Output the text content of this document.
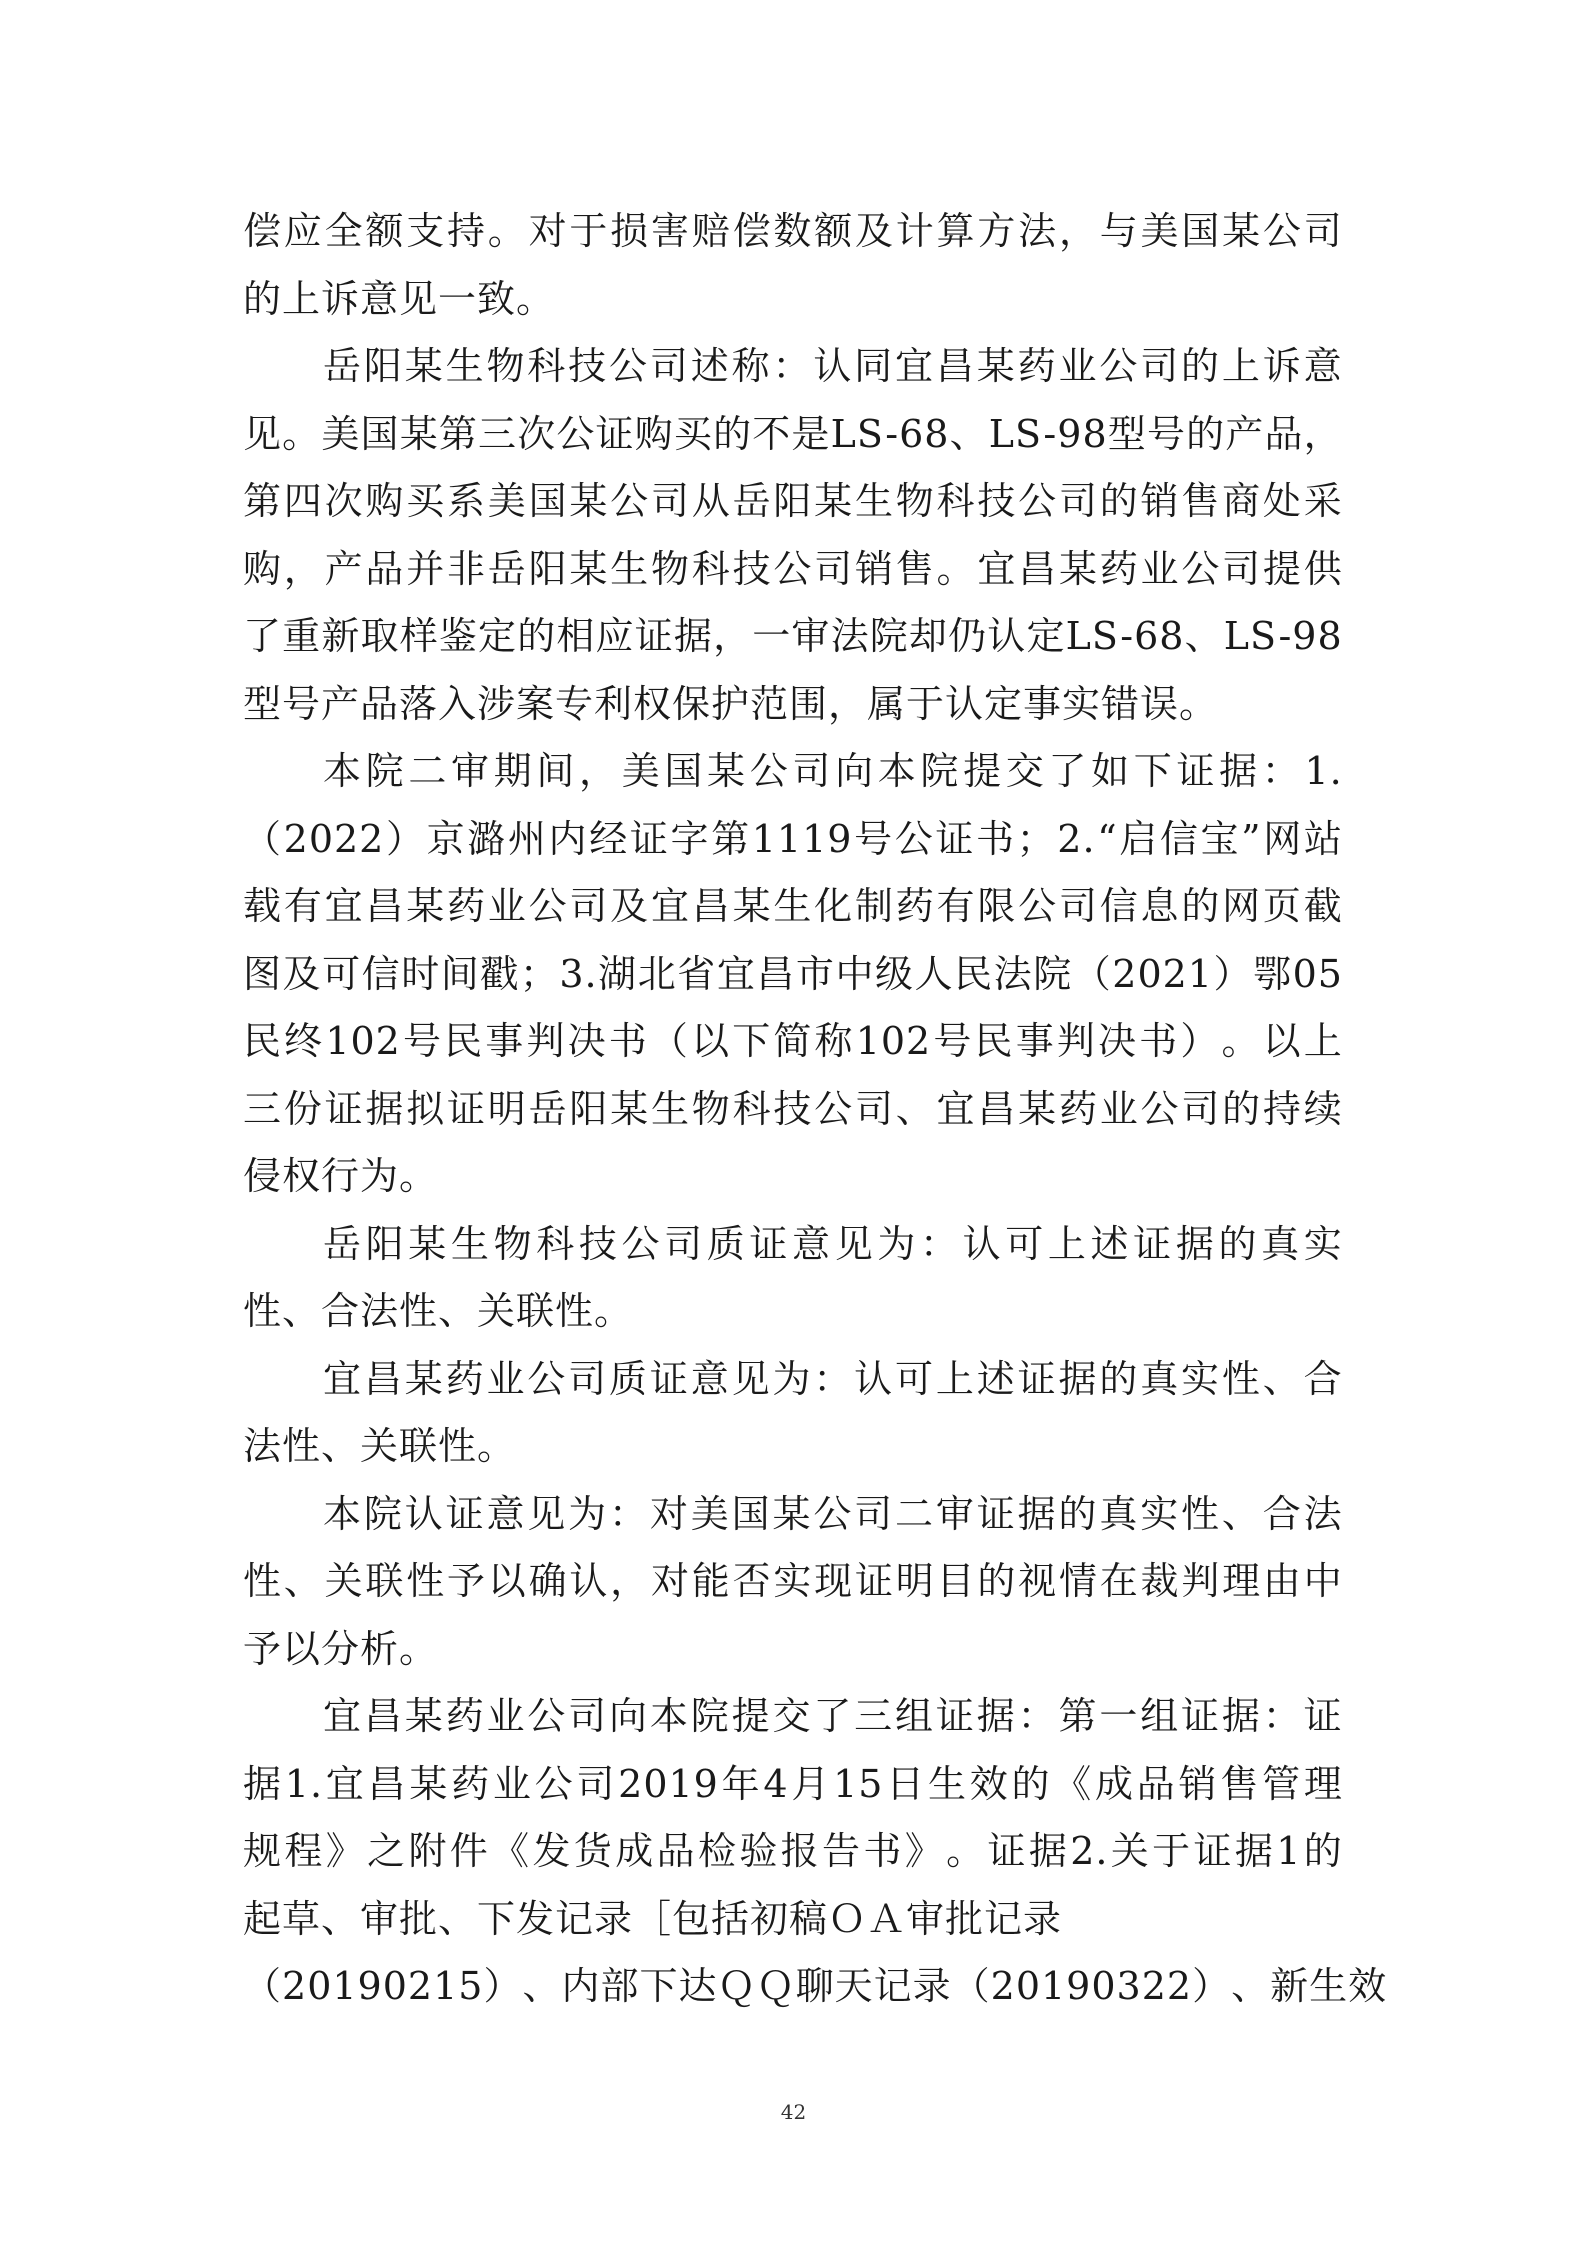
偿 应 全 额 支 持 。 对 于 损 害 赔 偿 数 额 及 计 算 方 法 ， 与 美 国 某 公 司
的上诉意见一致。
岳 阳 某 生 物 科 技 公 司 述 称 ： 认 同 宜 昌 某 药 业 公 司 的 上 诉 意
见 。 美 国 某 第 三 次 公 证 购 买 的 不 是 LS-68 、 LS-98 型 号 的 产 品 ，
第 四 次 购 买 系 美 国 某 公 司 从 岳 阳 某 生 物 科 技 公 司 的 销 售 商 处 采
购 ， 产 品 并 非 岳 阳 某 生 物 科 技 公 司 销 售 。 宜 昌 某 药 业 公 司 提 供
了 重 新 取 样 鉴 定 的 相 应 证 据 ， 一 审 法 院 却 仍 认 定 LS-68 、 LS-98
型号产品落入涉案专利权保护范围，属于认定事实错误。
本 院 二 审 期 间 ， 美 国 某 公 司 向 本 院 提 交 了 如 下 证 据 ： 1.
（ 2022 ） 京 潞 州 内 经 证 字 第 1119 号 公 证 书 ； 2. “ 启 信 宝 ” 网 站
载 有 宜 昌 某 药 业 公 司 及 宜 昌 某 生 化 制 药 有 限 公 司 信 息 的 网 页 截
图 及 可 信 时 间 戳 ； 3. 湖 北 省 宜 昌 市 中 级 人 民 法 院 （ 2021 ） 鄂 05
民 终 102 号 民 事 判 决 书 （ 以 下 简 称 102 号 民 事 判 决 书 ） 。 以 上
三 份 证 据 拟 证 明 岳 阳 某 生 物 科 技 公 司 、 宜 昌 某 药 业 公 司 的 持 续
侵权行为。
岳 阳 某 生 物 科 技 公 司 质 证 意 见 为 ： 认 可 上 述 证 据 的 真 实
性、合法性、关联性。
宜 昌 某 药 业 公 司 质 证 意 见 为 ： 认 可 上 述 证 据 的 真 实 性 、 合
法性、关联性。
本 院 认 证 意 见 为 ： 对 美 国 某 公 司 二 审 证 据 的 真 实 性 、 合 法
性 、 关 联 性 予 以 确 认 ， 对 能 否 实 现 证 明 目 的 视 情 在 裁 判 理 由 中
予以分析。
宜 昌 某 药 业 公 司 向 本 院 提 交 了 三 组 证 据 ： 第 一 组 证 据 ： 证
据 1. 宜 昌 某 药 业 公 司 2019 年 4 月 15 日 生 效 的 《 成 品 销 售 管 理
规 程 》 之 附 件 《 发 货 成 品 检 验 报 告 书 》 。 证 据 2. 关 于 证 据 1 的
起草、审批、下发记录［包括初稿ＯＡ审批记录
（ 20190215 ） 、 内 部 下 达 Ｑ Ｑ 聊 天 记 录 （ 20190322 ） 、 新 生 效
42
